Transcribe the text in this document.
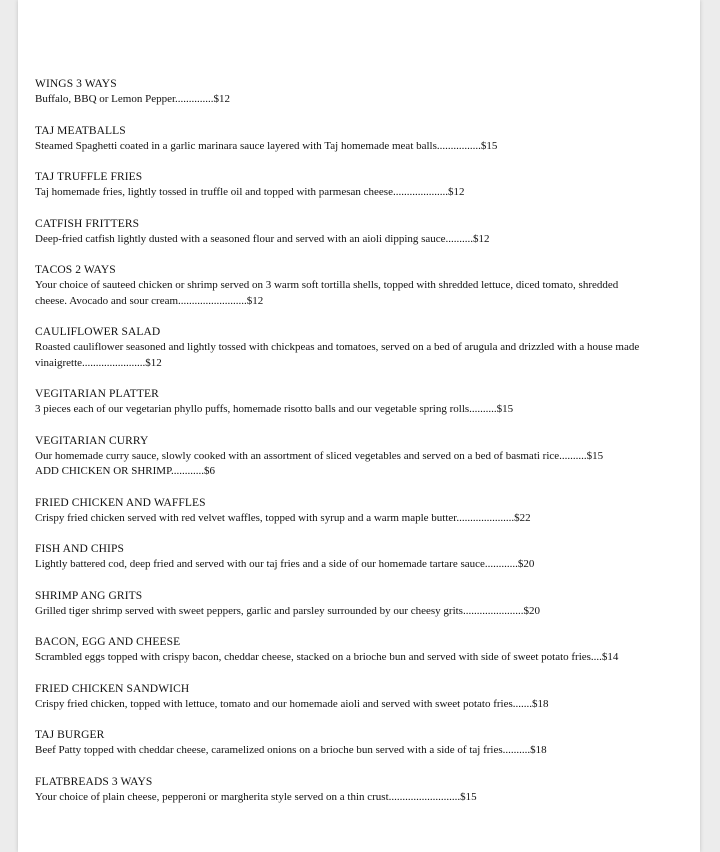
WINGS 3 WAYS
Buffalo, BBQ or Lemon Pepper..............$12
TAJ MEATBALLS
Steamed Spaghetti coated in a garlic marinara sauce layered with Taj homemade meat balls................$15
TAJ TRUFFLE FRIES
Taj homemade fries, lightly tossed in truffle oil and topped with parmesan cheese....................$12
CATFISH FRITTERS
Deep-fried catfish lightly dusted with a seasoned flour and served with an aioli dipping sauce..........$12
TACOS 2 WAYS
Your choice of sauteed chicken or shrimp served on 3 warm soft tortilla shells, topped with shredded lettuce, diced tomato, shredded cheese. Avocado and sour cream.........................$12
CAULIFLOWER SALAD
Roasted cauliflower seasoned and lightly tossed with chickpeas and tomatoes, served on a bed of arugula and drizzled with a house made vinaigrette.......................$12
VEGITARIAN PLATTER
3 pieces each of our vegetarian phyllo puffs, homemade risotto balls and our vegetable spring rolls..........$15
VEGITARIAN CURRY
Our homemade curry sauce, slowly cooked with an assortment of sliced vegetables and served on a bed of basmati rice..........$15
ADD CHICKEN OR SHRIMP............$6
FRIED CHICKEN AND WAFFLES
Crispy fried chicken served with red velvet waffles, topped with syrup and a warm maple butter.....................$22
FISH AND CHIPS
Lightly battered cod, deep fried and served with our taj fries and a side of our homemade tartare sauce............$20
SHRIMP ANG GRITS
Grilled tiger shrimp served with sweet peppers, garlic and parsley surrounded by our cheesy grits......................$20
BACON, EGG AND CHEESE
Scrambled eggs topped with crispy bacon, cheddar cheese, stacked on a brioche bun and served with side of sweet potato fries....$14
FRIED CHICKEN SANDWICH
Crispy fried chicken, topped with lettuce, tomato and our homemade aioli and served with sweet potato fries.......$18
TAJ BURGER
Beef Patty topped with cheddar cheese, caramelized onions on a brioche bun served with a side of taj fries..........$18
FLATBREADS 3 WAYS
Your choice of plain cheese, pepperoni or margherita style served on a thin crust..........................$15
